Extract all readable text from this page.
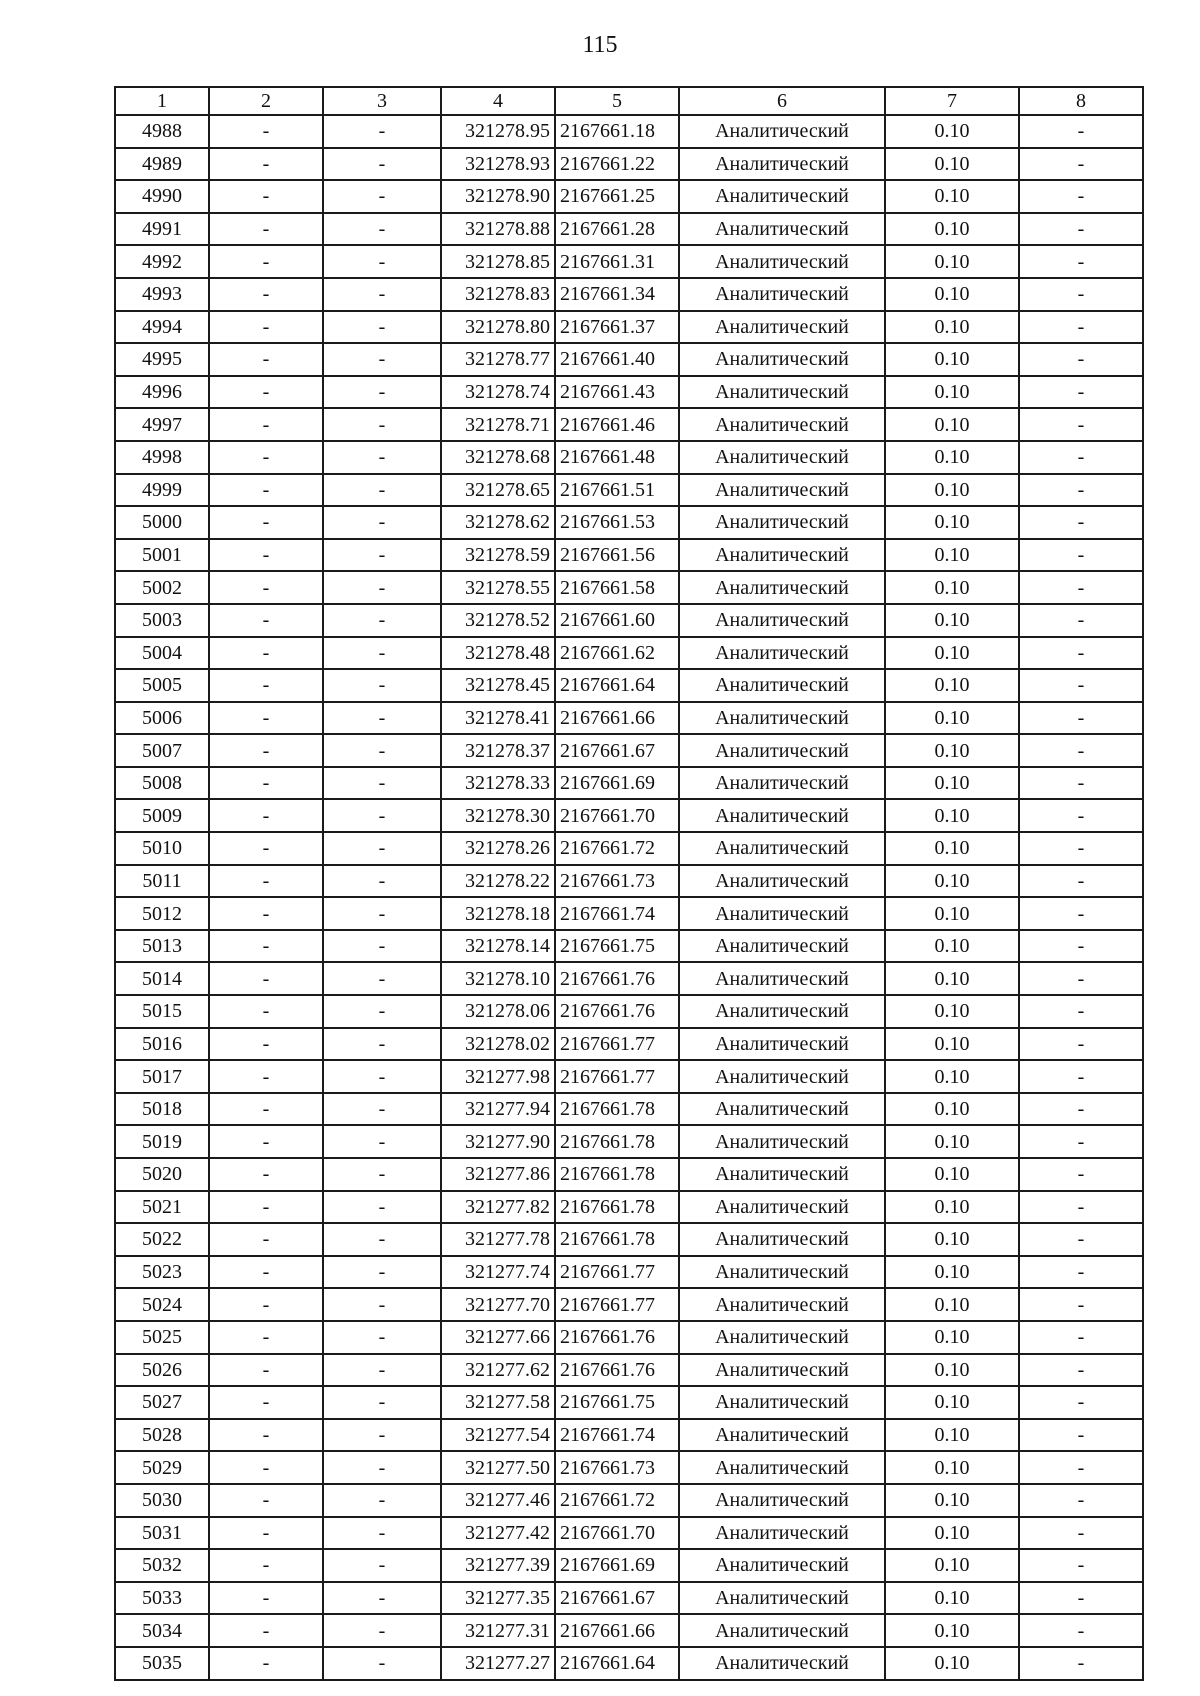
115
1	2	3	4	5	6	7	8
4988	-	-	321278.95	2167661.18	Аналитический	0.10	-
4989	-	-	321278.93	2167661.22	Аналитический	0.10	-
4990	-	-	321278.90	2167661.25	Аналитический	0.10	-
4991	-	-	321278.88	2167661.28	Аналитический	0.10	-
4992	-	-	321278.85	2167661.31	Аналитический	0.10	-
4993	-	-	321278.83	2167661.34	Аналитический	0.10	-
4994	-	-	321278.80	2167661.37	Аналитический	0.10	-
4995	-	-	321278.77	2167661.40	Аналитический	0.10	-
4996	-	-	321278.74	2167661.43	Аналитический	0.10	-
4997	-	-	321278.71	2167661.46	Аналитический	0.10	-
4998	-	-	321278.68	2167661.48	Аналитический	0.10	-
4999	-	-	321278.65	2167661.51	Аналитический	0.10	-
5000	-	-	321278.62	2167661.53	Аналитический	0.10	-
5001	-	-	321278.59	2167661.56	Аналитический	0.10	-
5002	-	-	321278.55	2167661.58	Аналитический	0.10	-
5003	-	-	321278.52	2167661.60	Аналитический	0.10	-
5004	-	-	321278.48	2167661.62	Аналитический	0.10	-
5005	-	-	321278.45	2167661.64	Аналитический	0.10	-
5006	-	-	321278.41	2167661.66	Аналитический	0.10	-
5007	-	-	321278.37	2167661.67	Аналитический	0.10	-
5008	-	-	321278.33	2167661.69	Аналитический	0.10	-
5009	-	-	321278.30	2167661.70	Аналитический	0.10	-
5010	-	-	321278.26	2167661.72	Аналитический	0.10	-
5011	-	-	321278.22	2167661.73	Аналитический	0.10	-
5012	-	-	321278.18	2167661.74	Аналитический	0.10	-
5013	-	-	321278.14	2167661.75	Аналитический	0.10	-
5014	-	-	321278.10	2167661.76	Аналитический	0.10	-
5015	-	-	321278.06	2167661.76	Аналитический	0.10	-
5016	-	-	321278.02	2167661.77	Аналитический	0.10	-
5017	-	-	321277.98	2167661.77	Аналитический	0.10	-
5018	-	-	321277.94	2167661.78	Аналитический	0.10	-
5019	-	-	321277.90	2167661.78	Аналитический	0.10	-
5020	-	-	321277.86	2167661.78	Аналитический	0.10	-
5021	-	-	321277.82	2167661.78	Аналитический	0.10	-
5022	-	-	321277.78	2167661.78	Аналитический	0.10	-
5023	-	-	321277.74	2167661.77	Аналитический	0.10	-
5024	-	-	321277.70	2167661.77	Аналитический	0.10	-
5025	-	-	321277.66	2167661.76	Аналитический	0.10	-
5026	-	-	321277.62	2167661.76	Аналитический	0.10	-
5027	-	-	321277.58	2167661.75	Аналитический	0.10	-
5028	-	-	321277.54	2167661.74	Аналитический	0.10	-
5029	-	-	321277.50	2167661.73	Аналитический	0.10	-
5030	-	-	321277.46	2167661.72	Аналитический	0.10	-
5031	-	-	321277.42	2167661.70	Аналитический	0.10	-
5032	-	-	321277.39	2167661.69	Аналитический	0.10	-
5033	-	-	321277.35	2167661.67	Аналитический	0.10	-
5034	-	-	321277.31	2167661.66	Аналитический	0.10	-
5035	-	-	321277.27	2167661.64	Аналитический	0.10	-
